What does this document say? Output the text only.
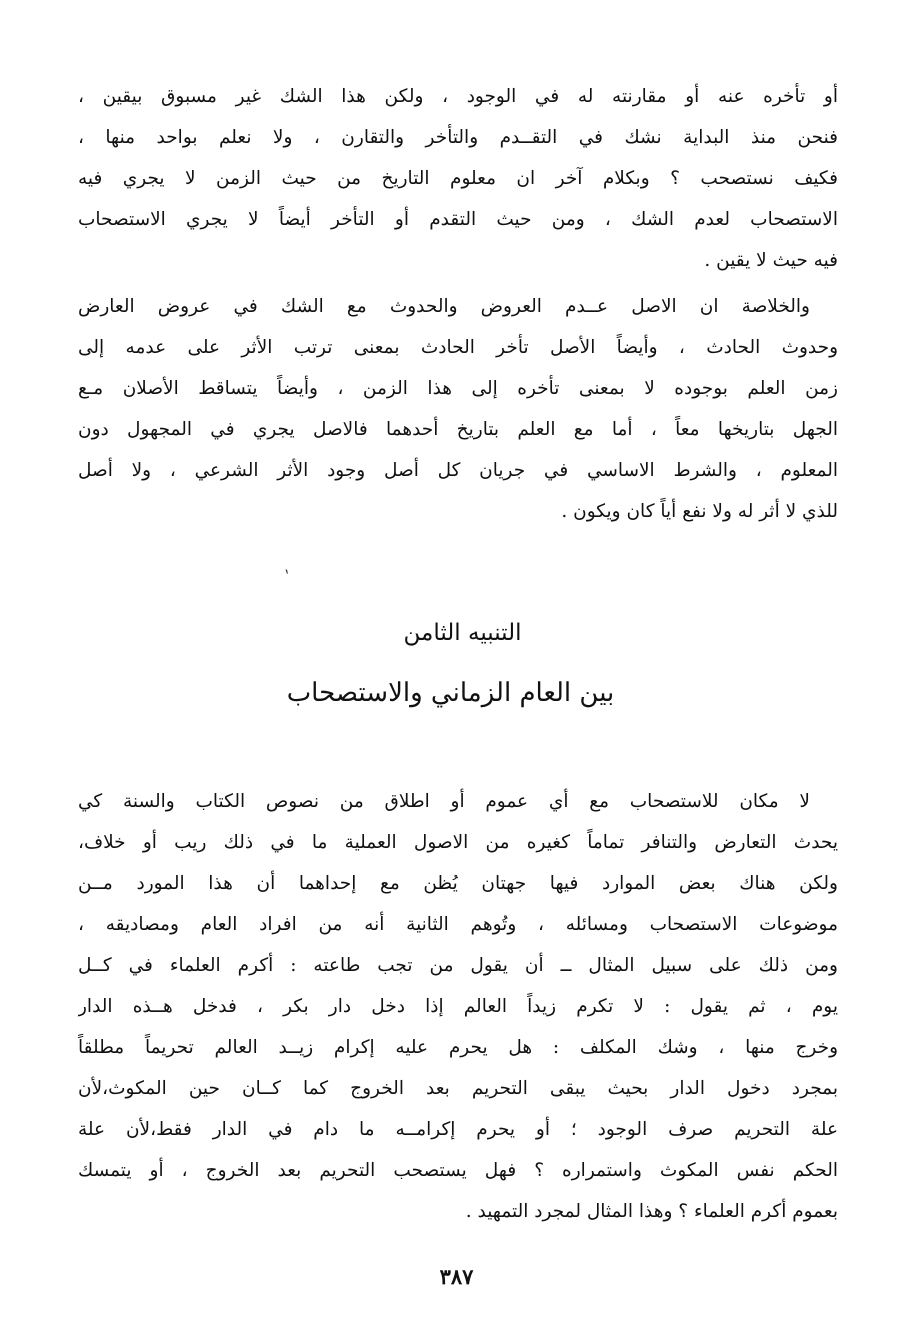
أو تأخره عنه أو مقارنته له في الوجود ، ولكن هذا الشك غير مسبوق بيقين ،
فنحن منذ البداية نشك في التقــدم والتأخر والتقارن ، ولا نعلم بواحد منها ،
فكيف نستصحب ؟ وبكلام آخر ان معلوم التاريخ من حيث الزمن لا يجري فيه
الاستصحاب لعدم الشك ، ومن حيث التقدم أو التأخر أيضاً لا يجري الاستصحاب
فيه حيث لا يقين .
والخلاصة ان الاصل عــدم العروض والحدوث مع الشك في عروض العارض
وحدوث الحادث ، وأيضاً الأصل تأخر الحادث بمعنى ترتب الأثر على عدمه إلى
زمن العلم بوجوده لا بمعنى تأخره إلى هذا الزمن ، وأيضاً يتساقط الأصلان مـع
الجهل بتاريخها معاً ، أما مع العلم بتاريخ أحدهما فالاصل يجري في المجهول دون
المعلوم ، والشرط الاساسي في جريان كل أصل وجود الأثر الشرعي ، ولا أصل
للذي لا أثر له ولا نفع أياً كان ويكون .
ˋ
التنبيه الثامن
بين العام الزماني والاستصحاب
لا مكان للاستصحاب مع أي عموم أو اطلاق من نصوص الكتاب والسنة كي
يحدث التعارض والتنافر تماماً كغيره من الاصول العملية ما في ذلك ريب أو خلاف،
ولكن هناك بعض الموارد فيها جهتان يُظن مع إحداهما أن هذا المورد مــن
موضوعات الاستصحاب ومسائله ، وتُوهم الثانية أنه من افراد العام ومصاديقه ،
ومن ذلك على سبيل المثال ــ أن يقول من تجب طاعته : أكرم العلماء في كــل
يوم ، ثم يقول : لا تكرم زيداً العالم إذا دخل دار بكر ، فدخل هــذه الدار
وخرج منها ، وشك المكلف : هل يحرم عليه إكرام زيــد العالم تحريماً مطلقاً
بمجرد دخول الدار بحيث يبقى التحريم بعد الخروج كما كــان حين المكوث،لأن
علة التحريم صرف الوجود ؛ أو يحرم إكرامــه ما دام في الدار فقط،لأن علة
الحكم نفس المكوث واستمراره ؟ فهل يستصحب التحريم بعد الخروج ، أو يتمسك
بعموم أكرم العلماء ؟ وهذا المثال لمجرد التمهيد .
٣٨٧
